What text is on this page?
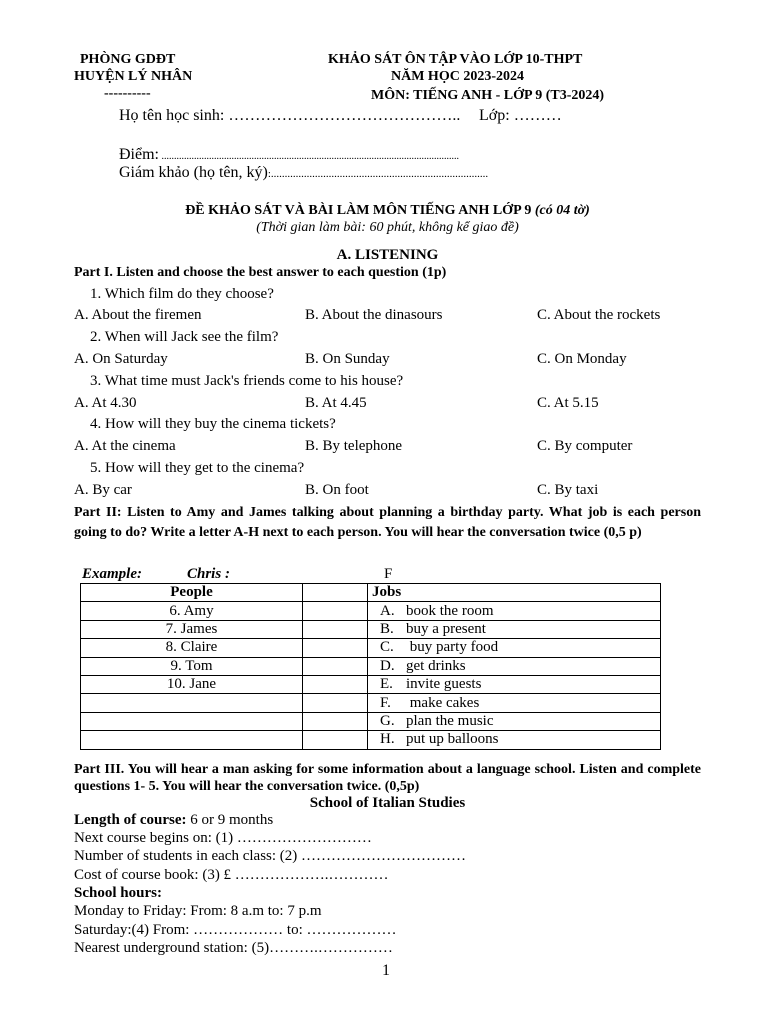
PHÒNG GDĐT
HUYỆN LÝ NHÂN
----------
KHẢO SÁT ÔN TẬP VÀO LỚP 10-THPT
NĂM HỌC 2023-2024
MÔN: TIẾNG ANH - LỚP 9 (T3-2024)
Họ tên học sinh: …………………………………….. Lớp: ………
Điểm: .......................................................................................................................
Giám khảo (họ tên, ký):...............................................................................
ĐỀ KHẢO SÁT VÀ BÀI LÀM MÔN TIẾNG ANH LỚP 9 (có 04 tờ)
(Thời gian làm bài: 60 phút, không kể giao đề)
A. LISTENING
Part I. Listen and choose the best answer to each question (1p)
1. Which film do they choose?
A. About the firemen	B. About the dinasours	C. About the rockets
2. When will Jack see the film?
A. On Saturday	B. On Sunday	C. On Monday
3. What time must Jack's friends come to his house?
A. At 4.30	B. At 4.45	C. At 5.15
4. How will they buy the cinema tickets?
A. At the cinema	B. By telephone	C. By computer
5. How will they get to the cinema?
A. By car	B. On foot	C. By taxi
Part II: Listen to Amy and James talking about planning a birthday party. What job is each person going to do? Write a letter A-H next to each person. You will hear the conversation twice (0,5 p)
Example:	Chris :	F
People		Jobs
6. Amy		A. book the room
7. James		B. buy a present
8. Claire		C. buy party food
9. Tom		D. get drinks
10. Jane		E. invite guests
		F. make cakes
		G. plan the music
		H. put up balloons
Part III. You will hear a man asking for some information about a language school. Listen and complete questions 1- 5. You will hear the conversation twice. (0,5p)
School of Italian Studies
Length of course: 6 or 9 months
Next course begins on: (1) ………………………
Number of students in each class: (2) ……………………………
Cost of course book: (3) £ ……………….…………
School hours:
Monday to Friday: From: 8 a.m to: 7 p.m
Saturday:(4) From: ……………… to: ………………
Nearest underground station: (5)……….……………
1
